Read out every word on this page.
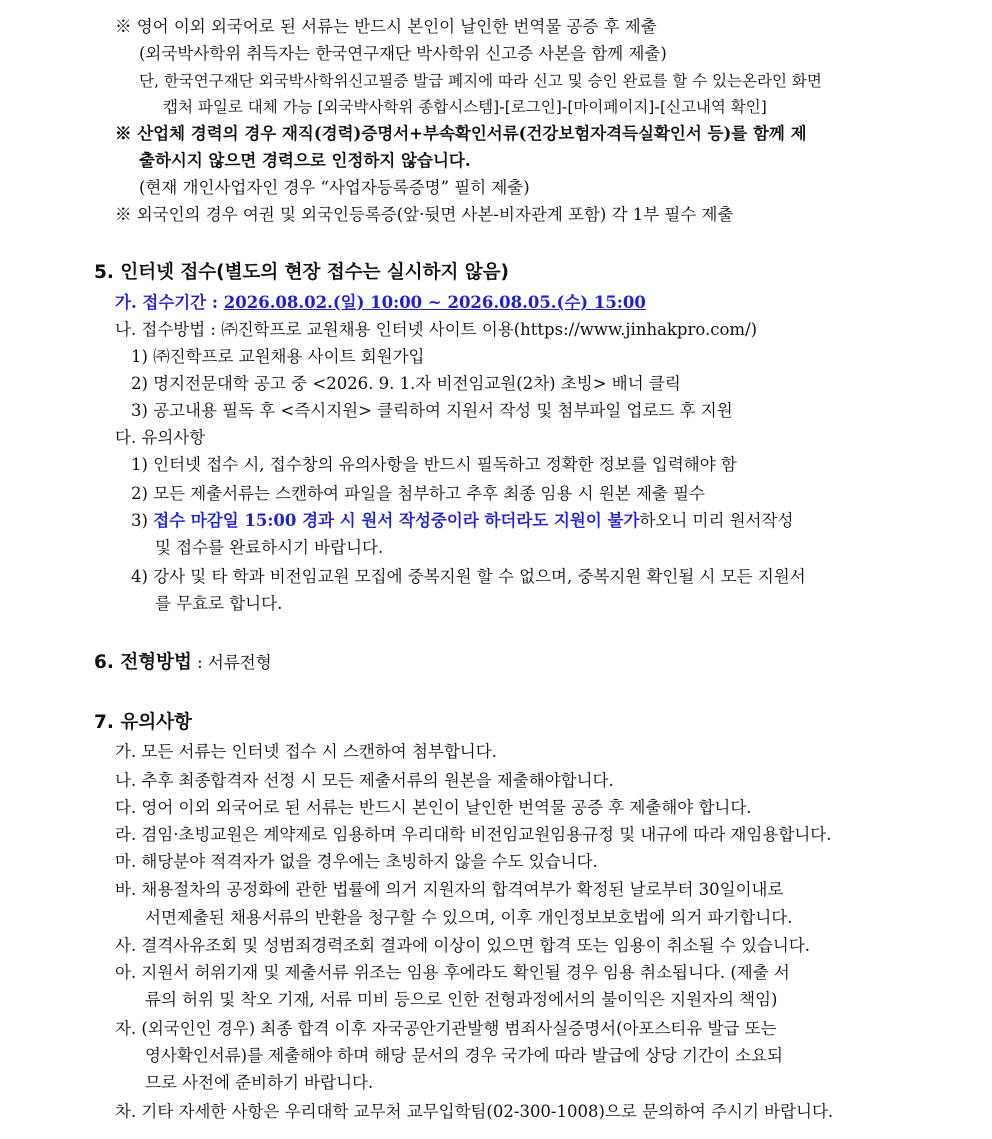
※ 영어 이외 외국어로 된 서류는 반드시 본인이 날인한 번역물 공증 후 제출
(외국박사학위 취득자는 한국연구재단 박사학위 신고증 사본을 함께 제출)
단, 한국연구재단 외국박사학위신고필증 발급 폐지에 따라 신고 및 승인 완료를 할 수 있는온라인 화면
캡처 파일로 대체 가능 [외국박사학위 종합시스템]-[로그인]-[마이페이지]-[신고내역 확인]
※ 산업체 경력의 경우 재직(경력)증명서+부속확인서류(건강보험자격득실확인서 등)를 함께 제
출하시지 않으면 경력으로 인정하지 않습니다.
(현재 개인사업자인 경우 “사업자등록증명” 필히 제출)
※ 외국인의 경우 여권 및 외국인등록증(앞·뒷면 사본-비자관계 포함) 각 1부 필수 제출
5. 인터넷 접수(별도의 현장 접수는 실시하지 않음)
가. 접수기간 : 2026.08.02.(일) 10:00 ~ 2026.08.05.(수) 15:00
나. 접수방법 : ㈜진학프로 교원채용 인터넷 사이트 이용(https://www.jinhakpro.com/)
1) ㈜진학프로 교원채용 사이트 회원가입
2) 명지전문대학 공고 중 <2026. 9. 1.자 비전임교원(2차) 초빙> 배너 클릭
3) 공고내용 필독 후 <즉시지원> 클릭하여 지원서 작성 및 첨부파일 업로드 후 지원
다. 유의사항
1) 인터넷 접수 시, 접수창의 유의사항을 반드시 필독하고 정확한 정보를 입력해야 함
2) 모든 제출서류는 스캔하여 파일을 첨부하고 추후 최종 임용 시 원본 제출 필수
3) 접수 마감일 15:00 경과 시 원서 작성중이라 하더라도 지원이 불가하오니 미리 원서작성
및 접수를 완료하시기 바랍니다.
4) 강사 및 타 학과 비전임교원 모집에 중복지원 할 수 없으며, 중복지원 확인될 시 모든 지원서
를 무효로 합니다.
6. 전형방법 : 서류전형
7. 유의사항
가. 모든 서류는 인터넷 접수 시 스캔하여 첨부합니다.
나. 추후 최종합격자 선정 시 모든 제출서류의 원본을 제출해야합니다.
다. 영어 이외 외국어로 된 서류는 반드시 본인이 날인한 번역물 공증 후 제출해야 합니다.
라. 겸임·초빙교원은 계약제로 임용하며 우리대학 비전임교원임용규정 및 내규에 따라 재임용합니다.
마. 해당분야 적격자가 없을 경우에는 초빙하지 않을 수도 있습니다.
바. 채용절차의 공정화에 관한 법률에 의거 지원자의 합격여부가 확정된 날로부터 30일이내로
서면제출된 채용서류의 반환을 청구할 수 있으며, 이후 개인정보보호법에 의거 파기합니다.
사. 결격사유조회 및 성범죄경력조회 결과에 이상이 있으면 합격 또는 임용이 취소될 수 있습니다.
아. 지원서 허위기재 및 제출서류 위조는 임용 후에라도 확인될 경우 임용 취소됩니다. (제출 서
류의 허위 및 착오 기재, 서류 미비 등으로 인한 전형과정에서의 불이익은 지원자의 책임)
자. (외국인인 경우) 최종 합격 이후 자국공안기관발행 범죄사실증명서(아포스티유 발급 또는
영사확인서류)를 제출해야 하며 해당 문서의 경우 국가에 따라 발급에 상당 기간이 소요되
므로 사전에 준비하기 바랍니다.
차. 기타 자세한 사항은 우리대학 교무처 교무입학팀(02-300-1008)으로 문의하여 주시기 바랍니다.
